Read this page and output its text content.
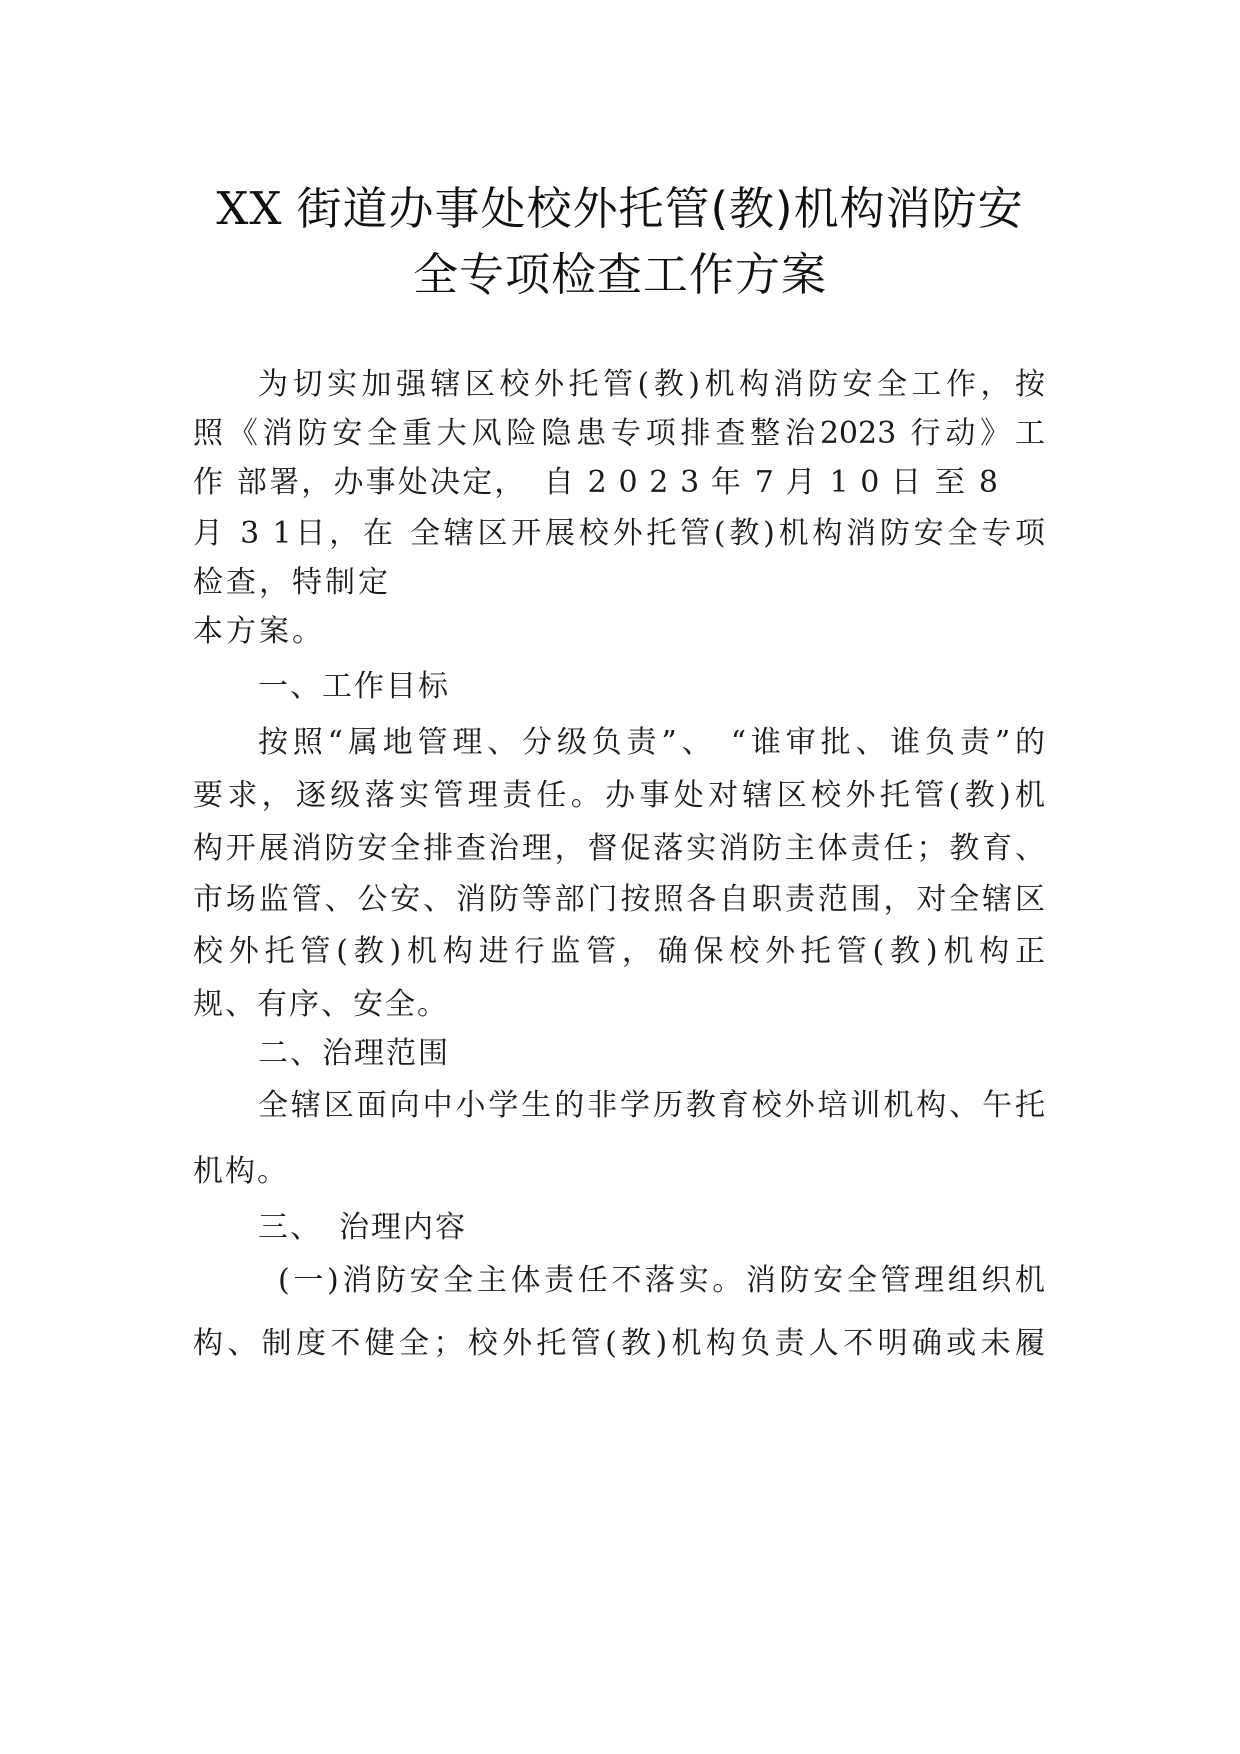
XX 街道办事处校外托管(教)机构消防安
全专项检查工作方案

为切实加强辖区校外托管(教)机构消防安全工作，按

照《消防安全重大风险隐患专项排查整治2023 行动》工

作 部署，办事处决定，　自 2 0 2 3 年 7 月 1 0 日 至 8

月 3 1日，在 全辖区开展校外托管(教)机构消防安全专项

检查，特制定

本方案。

一、工作目标

按照“属地管理、分级负责”、 “谁审批、谁负责”的

要求，逐级落实管理责任。办事处对辖区校外托管(教)机

构开展消防安全排查治理，督促落实消防主体责任；教育、

市场监管、公安、消防等部门按照各自职责范围，对全辖区

校外托管(教)机构进行监管，确保校外托管(教)机构正

规、有序、安全。

二、治理范围

全辖区面向中小学生的非学历教育校外培训机构、午托

机构。

三、　治理内容

(一)消防安全主体责任不落实。消防安全管理组织机

构、制度不健全；校外托管(教)机构负责人不明确或未履
